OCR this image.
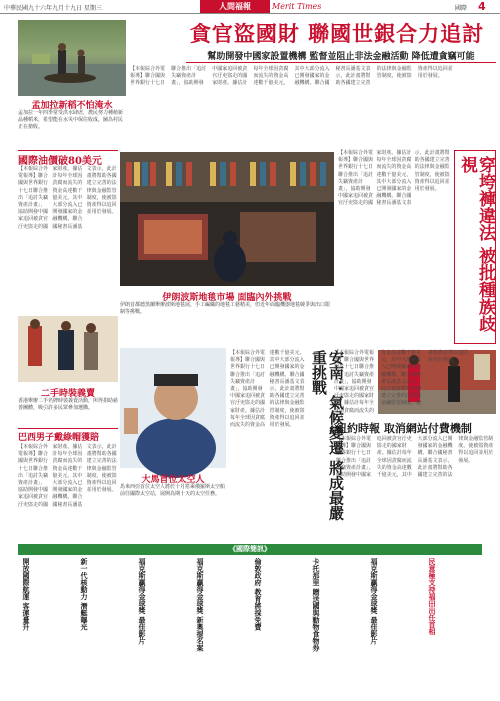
中華民國九十六年九月十九日 星期三	人間福報	Merit Times	國際 4
貪官盜國財 聯國世銀合力追討
幫助開發中國家設置機構 監督並阻止非法金融活動 降低遭貪竊可能
孟加拉新稻不怕淹水
孟加拉一年四季常受洪水肆虐，農民努力種植新品種稻米，希望能在水災中保住收成，圖為村民正在搶收。
【本報綜合外電報導】聯合國與世界銀行十七日聯合推出「追討失竊資產計畫」，協助開發中國家追回被貪官汙吏盜走的國家財產。據估計每年全球因貪腐而流失的資金高達數千億美元，其中大部分流入已開發國家的金融機構。聯合國秘書長潘基文表示，此計畫將幫助各國建立完善的法律與金融監管制度，使被盜資產得以追回並用於發展。
國際油價破80美元
【本報綜合外電報導】聯合國與世界銀行十七日聯合推出「追討失竊資產計畫」，協助開發中國家追回被貪官汙吏盜走的國家財產。據估計每年全球因貪腐而流失的資金高達數千億美元，其中大部分流入已開發國家的金融機構。聯合國秘書長潘基文表示，此計畫將幫助各國建立完善的法律與金融監管制度，使被盜資產得以追回並用於發展。
伊朗波斯地毯市場 面臨內外挑戰
伊朗首都德黑蘭舉辦波斯地毯展，手工編織的地毯工藝精美，但近年面臨機器地毯競爭與出口限制等挑戰。
【本報綜合外電報導】聯合國與世界銀行十七日聯合推出「追討失竊資產計畫」，協助開發中國家追回被貪官汙吏盜走的國家財產。據估計每年全球因貪腐而流失的資金高達數千億美元，其中大部分流入已開發國家的金融機構。聯合國秘書長潘基文表示，此計畫將幫助各國建立完善的法律與金融監管制度，使被盜資產得以追回並用於發展。	穿垮褲違法 被批種族歧視
二手時裝義賣
香港舉辦二手名牌時裝義賣活動，所得捐助慈善團體，吸引許多民眾參加選購。	安南：氣候變遷 將成最嚴重挑戰
【本報綜合外電報導】聯合國與世界銀行十七日聯合推出「追討失竊資產計畫」，協助開發中國家追回被貪官汙吏盜走的國家財產。據估計每年全球因貪腐而流失的資金高達數千億美元，其中大部分流入已開發國家的金融機構。聯合國秘書長潘基文表示，此計畫將幫助各國建立完善的法律與金融監管制度，使被盜資產得以追回並用於發展。
大馬首位太空人
馬來西亞首位太空人將於十月搭乘俄羅斯太空船前往國際太空站，展開為期十天的太空任務。
巴西男子戴綠帽獲賠
【本報綜合外電報導】聯合國與世界銀行十七日聯合推出「追討失竊資產計畫」，協助開發中國家追回被貪官汙吏盜走的國家財產。據估計每年全球因貪腐而流失的資金高達數千億美元，其中大部分流入已開發國家的金融機構。聯合國秘書長潘基文表示，此計畫將幫助各國建立完善的法律與金融監管制度，使被盜資產得以追回並用於發展。
【本報綜合外電報導】聯合國與世界銀行十七日聯合推出「追討失竊資產計畫」，協助開發中國家追回被貪官汙吏盜走的國家財產。據估計每年全球因貪腐而流失的
紐約時報 取消網站付費機制
【本報綜合外電報導】聯合國與世界銀行十七日聯合推出「追討失竊資產計畫」，協助開發中國家追回被貪官汙吏盜走的國家財產。據估計每年全球因貪腐而流失的資金高達數千億美元，其中大部分流入已開發國家的金融機構。聯合國秘書長潘基文表示，此計畫將幫助各國建立完善的法律與金融監管制度，使被盜資產得以追回並用於發展。
《國際簡訊》
民意極支持福田出任首相
福克斯贏得金球獎 最佳影片
卡托那里 贈送國與動物食物券
倫敦政府 教育將採免費
福克斯贏得金球獎 新奧提名案
福克斯贏得金球獎 最佳影片
新一代核動力 潛艇曝光
開放國際航運 客運量升
